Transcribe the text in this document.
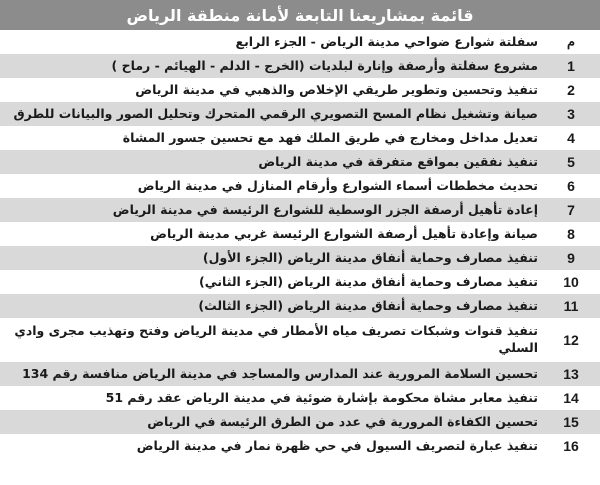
قائمة بمشاريعنا التابعة لأمانة منطقة الرياض
م
سفلتة شوارع ضواحي مدينة الرياض - الجزء الرابع
1
مشروع سفلتة وأرصفة وإنارة لبلديات (الخرج - الدلم - الهيائم - رماح )
2
تنفيذ وتحسين وتطوير طريقي الإخلاص والذهبي في مدينة الرياض
3
صيانة وتشغيل نظام المسح التصويري الرقمي المتحرك وتحليل الصور والبيانات للطرق
4
تعديل مداخل ومخارج في طريق الملك فهد مع تحسين جسور المشاة
5
تنفيذ نفقين بمواقع متفرقة في مدينة الرياض
6
تحديث مخططات أسماء الشوارع وأرقام المنازل في مدينة الرياض
7
إعادة تأهيل أرصفة الجزر الوسطية للشوارع الرئيسة في مدينة الرياض
8
صيانة وإعادة تأهيل أرصفة الشوارع الرئيسة غربي مدينة الرياض
9
تنفيذ مصارف وحماية أنفاق مدينة الرياض (الجزء الأول)
10
تنفيذ مصارف وحماية أنفاق مدينة الرياض (الجزء الثاني)
11
تنفيذ مصارف وحماية أنفاق مدينة الرياض (الجزء الثالث)
12
تنفيذ قنوات وشبكات تصريف مياه الأمطار في مدينة الرياض وفتح وتهذيب مجرى وادي السلي
13
تحسين السلامة المرورية عند المدارس والمساجد في مدينة الرياض منافسة رقم 134
14
تنفيذ معابر مشاة محكومة بإشارة ضوئية في مدينة الرياض عقد رقم 51
15
تحسين الكفاءة المرورية في عدد من الطرق الرئيسة في الرياض
16
تنفيذ عبارة لتصريف السيول في حي ظهرة نمار في مدينة الرياض
